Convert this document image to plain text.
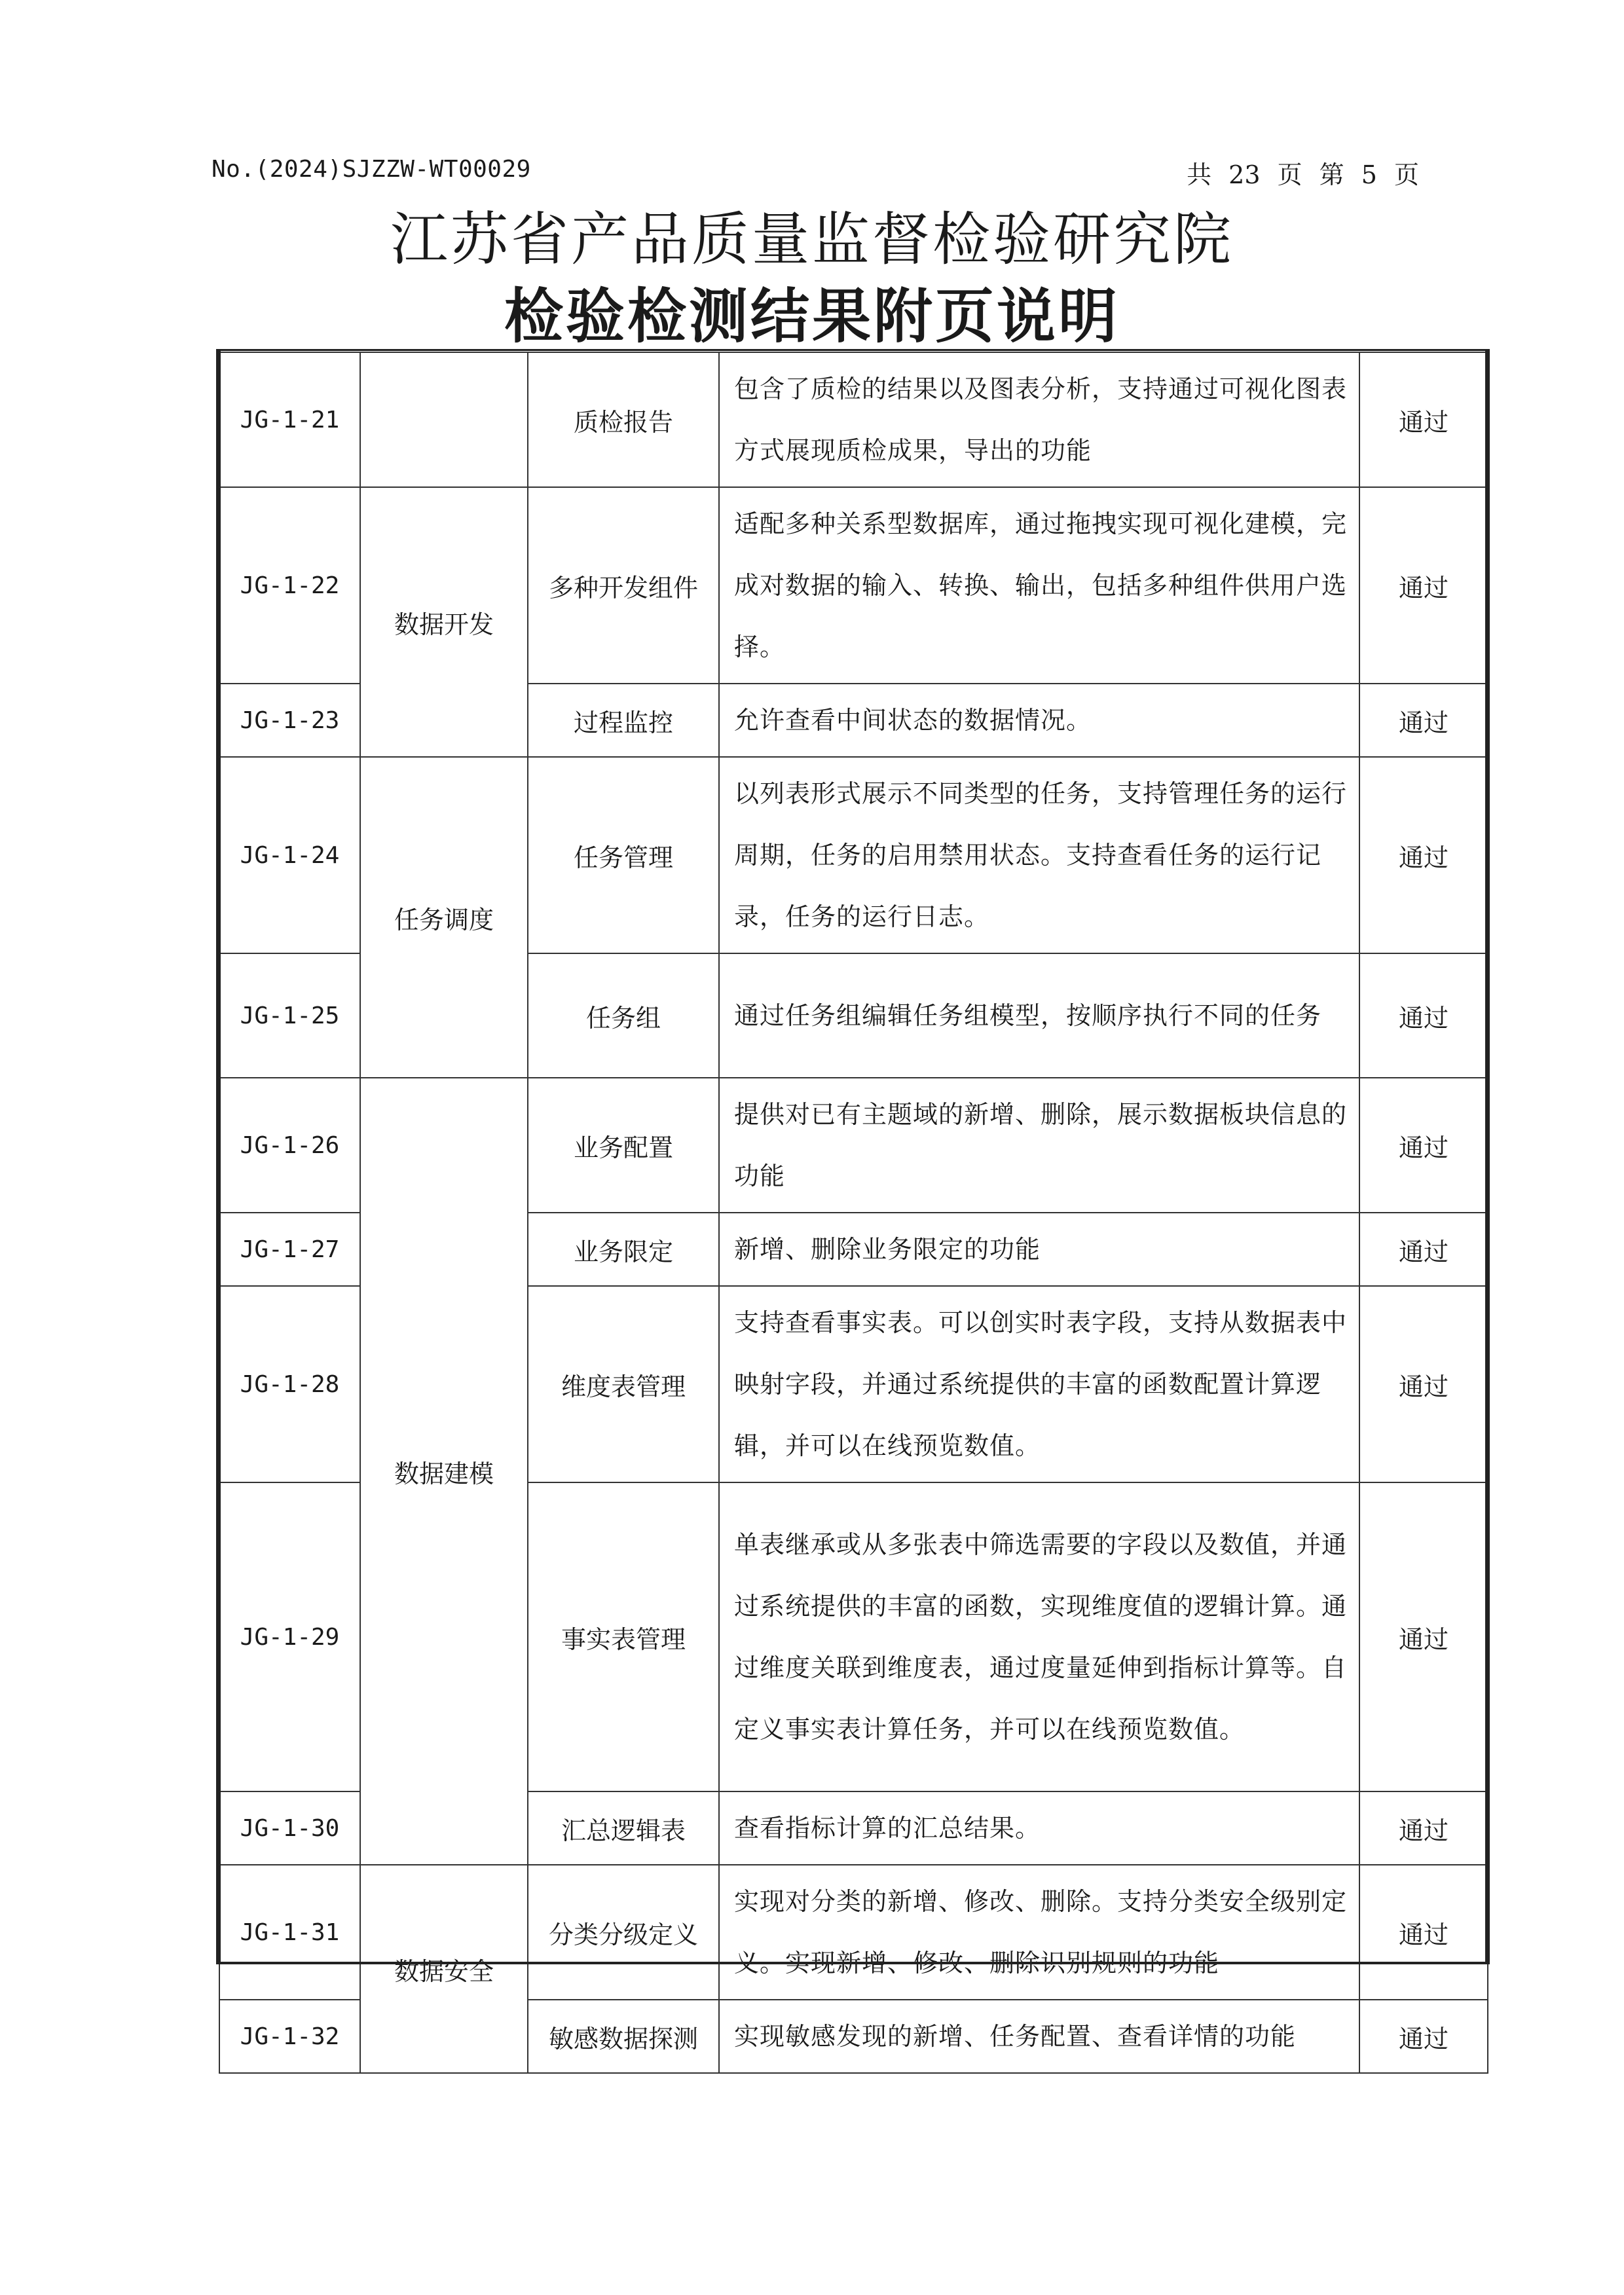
No.(2024)SJZZW-WT00029	共 23 页 第 5 页
江苏省产品质量监督检验研究院
检验检测结果附页说明
JG-1-21		质检报告	包含了质检的结果以及图表分析，支持通过可视化图表方式展现质检成果，导出的功能	通过
JG-1-22	数据开发	多种开发组件	适配多种关系型数据库，通过拖拽实现可视化建模，完成对数据的输入、转换、输出，包括多种组件供用户选择。	通过
JG-1-23		过程监控	允许查看中间状态的数据情况。	通过
JG-1-24	任务调度	任务管理	以列表形式展示不同类型的任务，支持管理任务的运行周期，任务的启用禁用状态。支持查看任务的运行记录，任务的运行日志。	通过
JG-1-25		任务组	通过任务组编辑任务组模型，按顺序执行不同的任务	通过
JG-1-26	数据建模	业务配置	提供对已有主题域的新增、删除，展示数据板块信息的功能	通过
JG-1-27		业务限定	新增、删除业务限定的功能	通过
JG-1-28		维度表管理	支持查看事实表。可以创实时表字段，支持从数据表中映射字段，并通过系统提供的丰富的函数配置计算逻辑，并可以在线预览数值。	通过
JG-1-29		事实表管理	单表继承或从多张表中筛选需要的字段以及数值，并通过系统提供的丰富的函数，实现维度值的逻辑计算。通过维度关联到维度表，通过度量延伸到指标计算等。自定义事实表计算任务，并可以在线预览数值。	通过
JG-1-30		汇总逻辑表	查看指标计算的汇总结果。	通过
JG-1-31	数据安全	分类分级定义	实现对分类的新增、修改、删除。支持分类安全级别定义。实现新增、修改、删除识别规则的功能	通过
JG-1-32		敏感数据探测	实现敏感发现的新增、任务配置、查看详情的功能	通过
